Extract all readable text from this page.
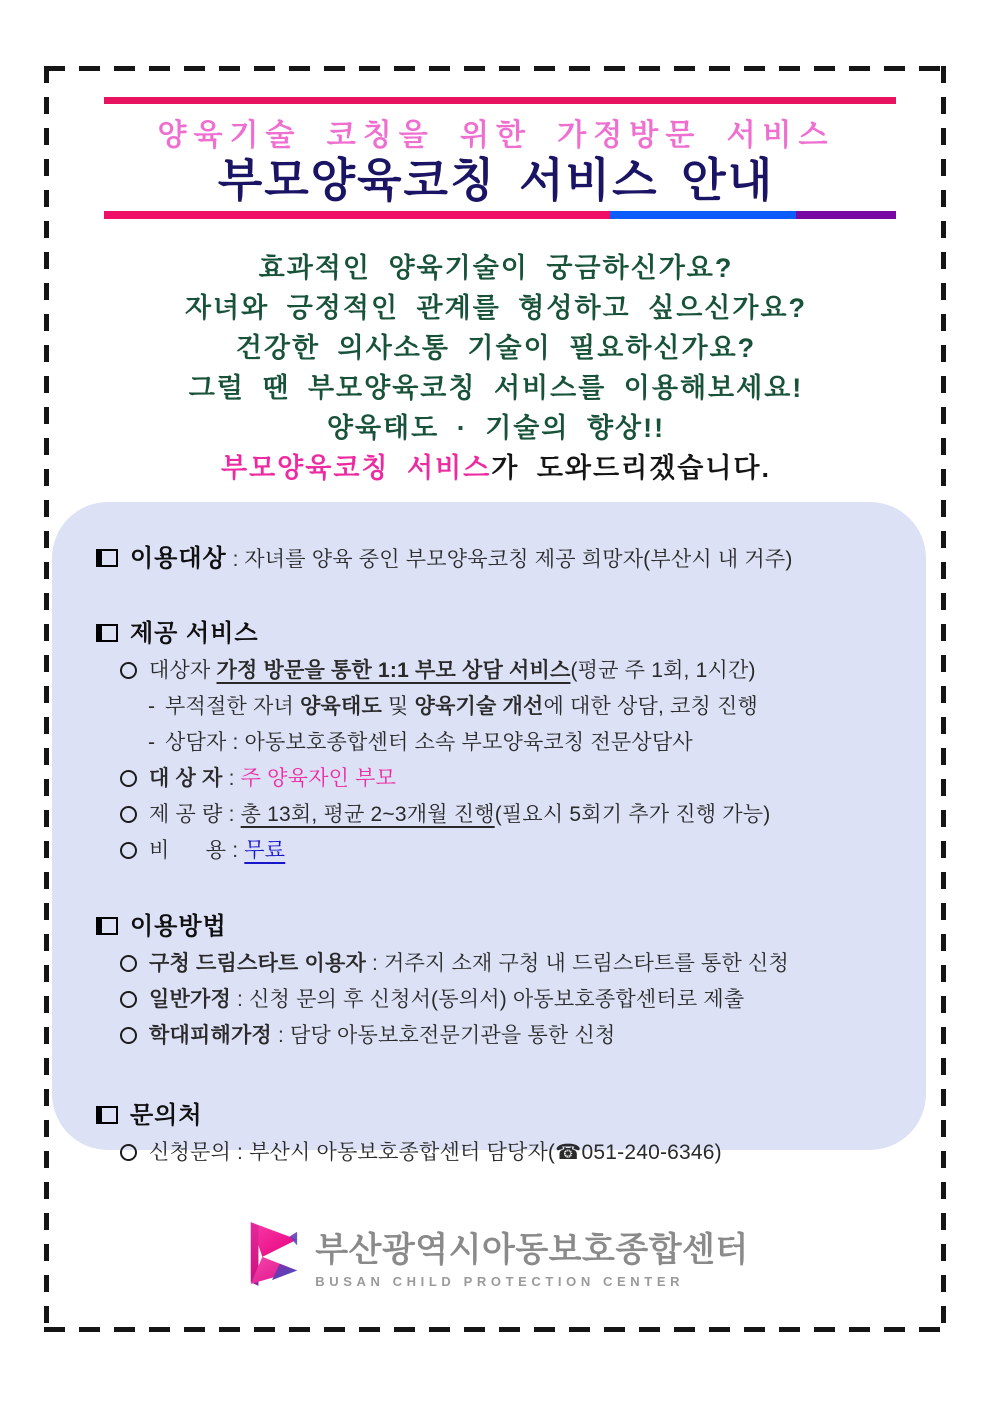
양육기술 코칭을 위한 가정방문 서비스
부모양육코칭 서비스 안내
효과적인 양육기술이 궁금하신가요?
자녀와 긍정적인 관계를 형성하고 싶으신가요?
건강한 의사소통 기술이 필요하신가요?
그럴 땐 부모양육코칭 서비스를 이용해보세요!
양육태도 · 기술의 향상!!
부모양육코칭 서비스가 도와드리겠습니다.
이용대상 : 자녀를 양육 중인 부모양육코칭 제공 희망자(부산시 내 거주)
제공 서비스
대상자 가정 방문을 통한 1:1 부모 상담 서비스(평균 주 1회, 1시간)
- 부적절한 자녀 양육태도 및 양육기술 개선에 대한 상담, 코칭 진행
- 상담자 : 아동보호종합센터 소속 부모양육코칭 전문상담사
대 상 자 : 주 양육자인 부모
제 공 량 : 총 13회, 평균 2~3개월 진행(필요시 5회기 추가 진행 가능)
비      용 : 무료
이용방법
구청 드림스타트 이용자 : 거주지 소재 구청 내 드림스타트를 통한 신청
일반가정 : 신청 문의 후 신청서(동의서) 아동보호종합센터로 제출
학대피해가정 : 담당 아동보호전문기관을 통한 신청
문의처
신청문의 : 부산시 아동보호종합센터 담당자(☎051-240-6346)
부산광역시아동보호종합센터
BUSAN CHILD PROTECTION CENTER
